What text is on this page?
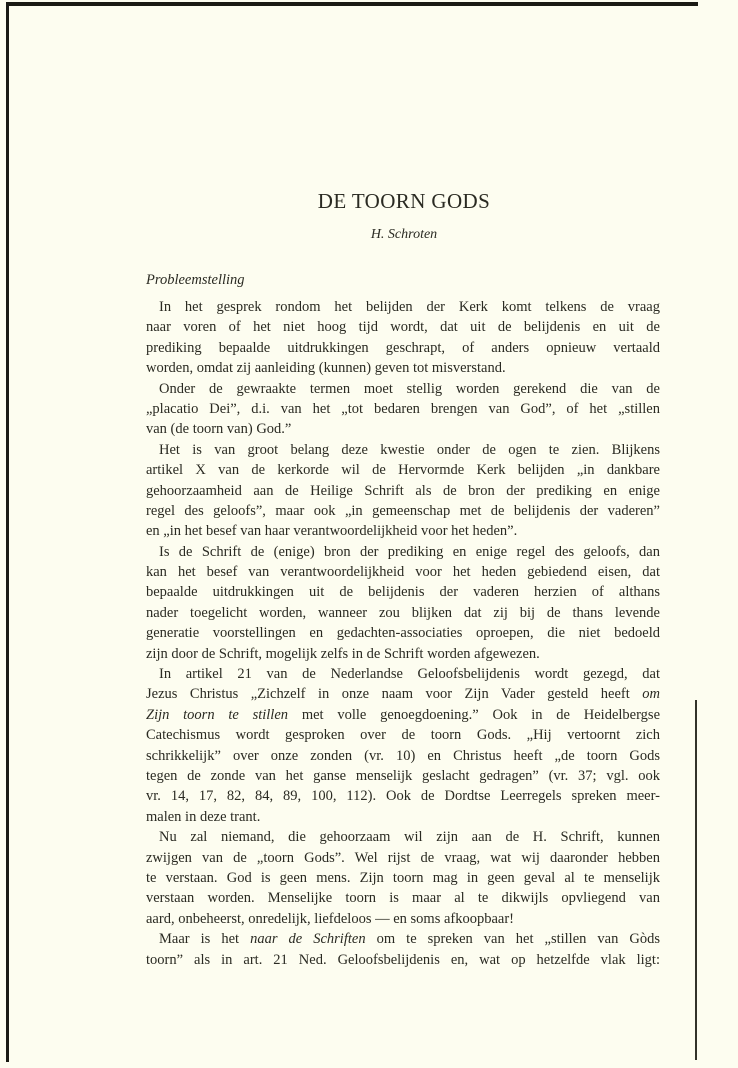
DE TOORN GODS
H. Schroten
Probleemstelling
In het gesprek rondom het belijden der Kerk komt telkens de vraag
naar voren of het niet hoog tijd wordt, dat uit de belijdenis en uit de
prediking bepaalde uitdrukkingen geschrapt, of anders opnieuw vertaald
worden, omdat zij aanleiding (kunnen) geven tot misverstand.
Onder de gewraakte termen moet stellig worden gerekend die van de
„placatio Dei”, d.i. van het „tot bedaren brengen van God”, of het „stillen
van (de toorn van) God.”
Het is van groot belang deze kwestie onder de ogen te zien. Blijkens
artikel X van de kerkorde wil de Hervormde Kerk belijden „in dankbare
gehoorzaamheid aan de Heilige Schrift als de bron der prediking en enige
regel des geloofs”, maar ook „in gemeenschap met de belijdenis der vaderen”
en „in het besef van haar verantwoordelijkheid voor het heden”.
Is de Schrift de (enige) bron der prediking en enige regel des geloofs, dan
kan het besef van verantwoordelijkheid voor het heden gebiedend eisen, dat
bepaalde uitdrukkingen uit de belijdenis der vaderen herzien of althans
nader toegelicht worden, wanneer zou blijken dat zij bij de thans levende
generatie voorstellingen en gedachten-associaties oproepen, die niet bedoeld
zijn door de Schrift, mogelijk zelfs in de Schrift worden afgewezen.
In artikel 21 van de Nederlandse Geloofsbelijdenis wordt gezegd, dat
Jezus Christus „Zichzelf in onze naam voor Zijn Vader gesteld heeft om
Zijn toorn te stillen met volle genoegdoening.” Ook in de Heidelbergse
Catechismus wordt gesproken over de toorn Gods. „Hij vertoornt zich
schrikkelijk” over onze zonden (vr. 10) en Christus heeft „de toorn Gods
tegen de zonde van het ganse menselijk geslacht gedragen” (vr. 37; vgl. ook
vr. 14, 17, 82, 84, 89, 100, 112). Ook de Dordtse Leerregels spreken meer-
malen in deze trant.
Nu zal niemand, die gehoorzaam wil zijn aan de H. Schrift, kunnen
zwijgen van de „toorn Gods”. Wel rijst de vraag, wat wij daaronder hebben
te verstaan. God is geen mens. Zijn toorn mag in geen geval al te menselijk
verstaan worden. Menselijke toorn is maar al te dikwijls opvliegend van
aard, onbeheerst, onredelijk, liefdeloos — en soms afkoopbaar!
Maar is het naar de Schriften om te spreken van het „stillen van Gòds
toorn” als in art. 21 Ned. Geloofsbelijdenis en, wat op hetzelfde vlak ligt:
